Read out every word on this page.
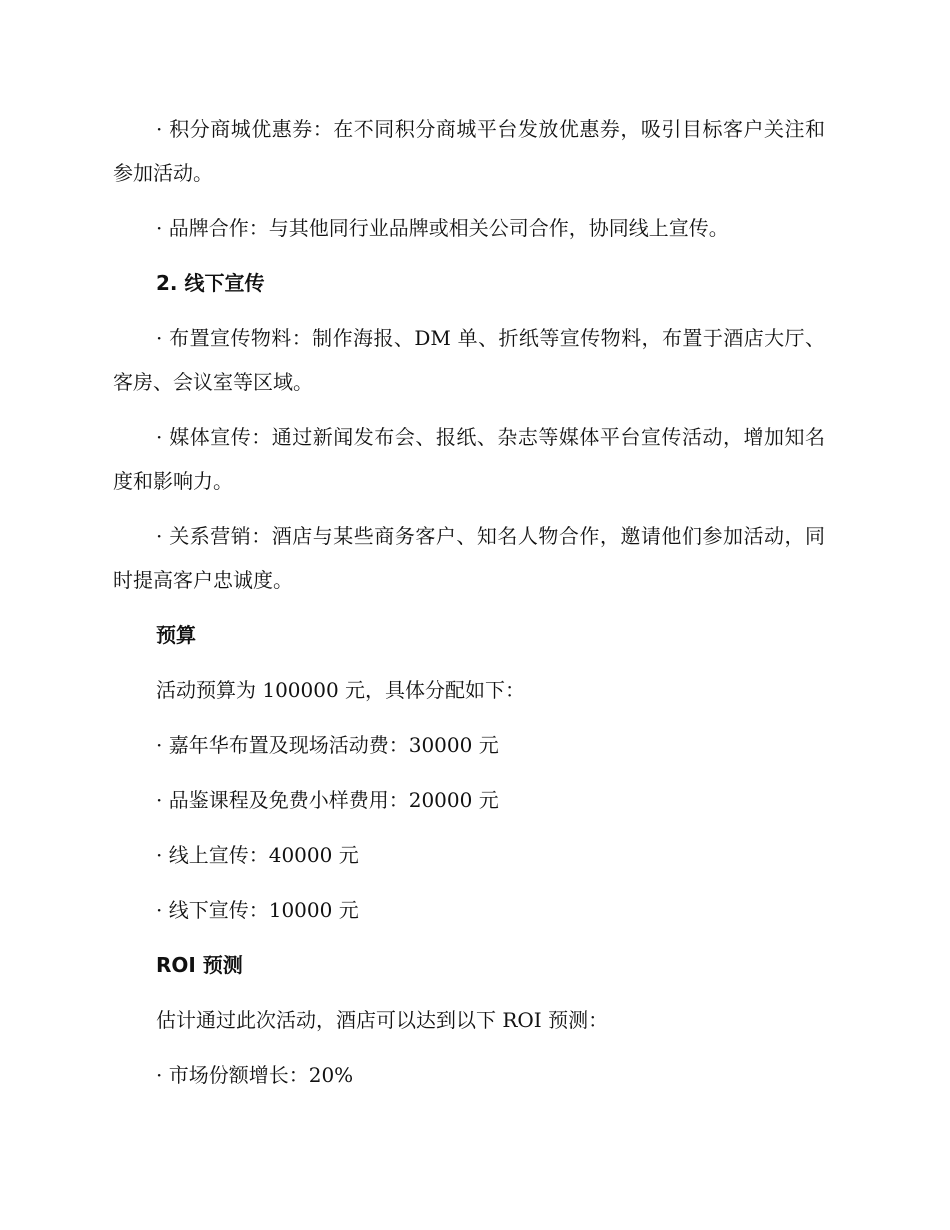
· 积分商城优惠券：在不同积分商城平台发放优惠券，吸引目标客户关注和参加活动。

· 品牌合作：与其他同行业品牌或相关公司合作，协同线上宣传。

2. 线下宣传

· 布置宣传物料：制作海报、DM 单、折纸等宣传物料，布置于酒店大厅、客房、会议室等区域。

· 媒体宣传：通过新闻发布会、报纸、杂志等媒体平台宣传活动，增加知名度和影响力。

· 关系营销：酒店与某些商务客户、知名人物合作，邀请他们参加活动，同时提高客户忠诚度。

预算

活动预算为 100000 元，具体分配如下：

· 嘉年华布置及现场活动费：30000 元

· 品鉴课程及免费小样费用：20000 元

· 线上宣传：40000 元

· 线下宣传：10000 元

ROI 预测

估计通过此次活动，酒店可以达到以下 ROI 预测：

· 市场份额增长：20%
